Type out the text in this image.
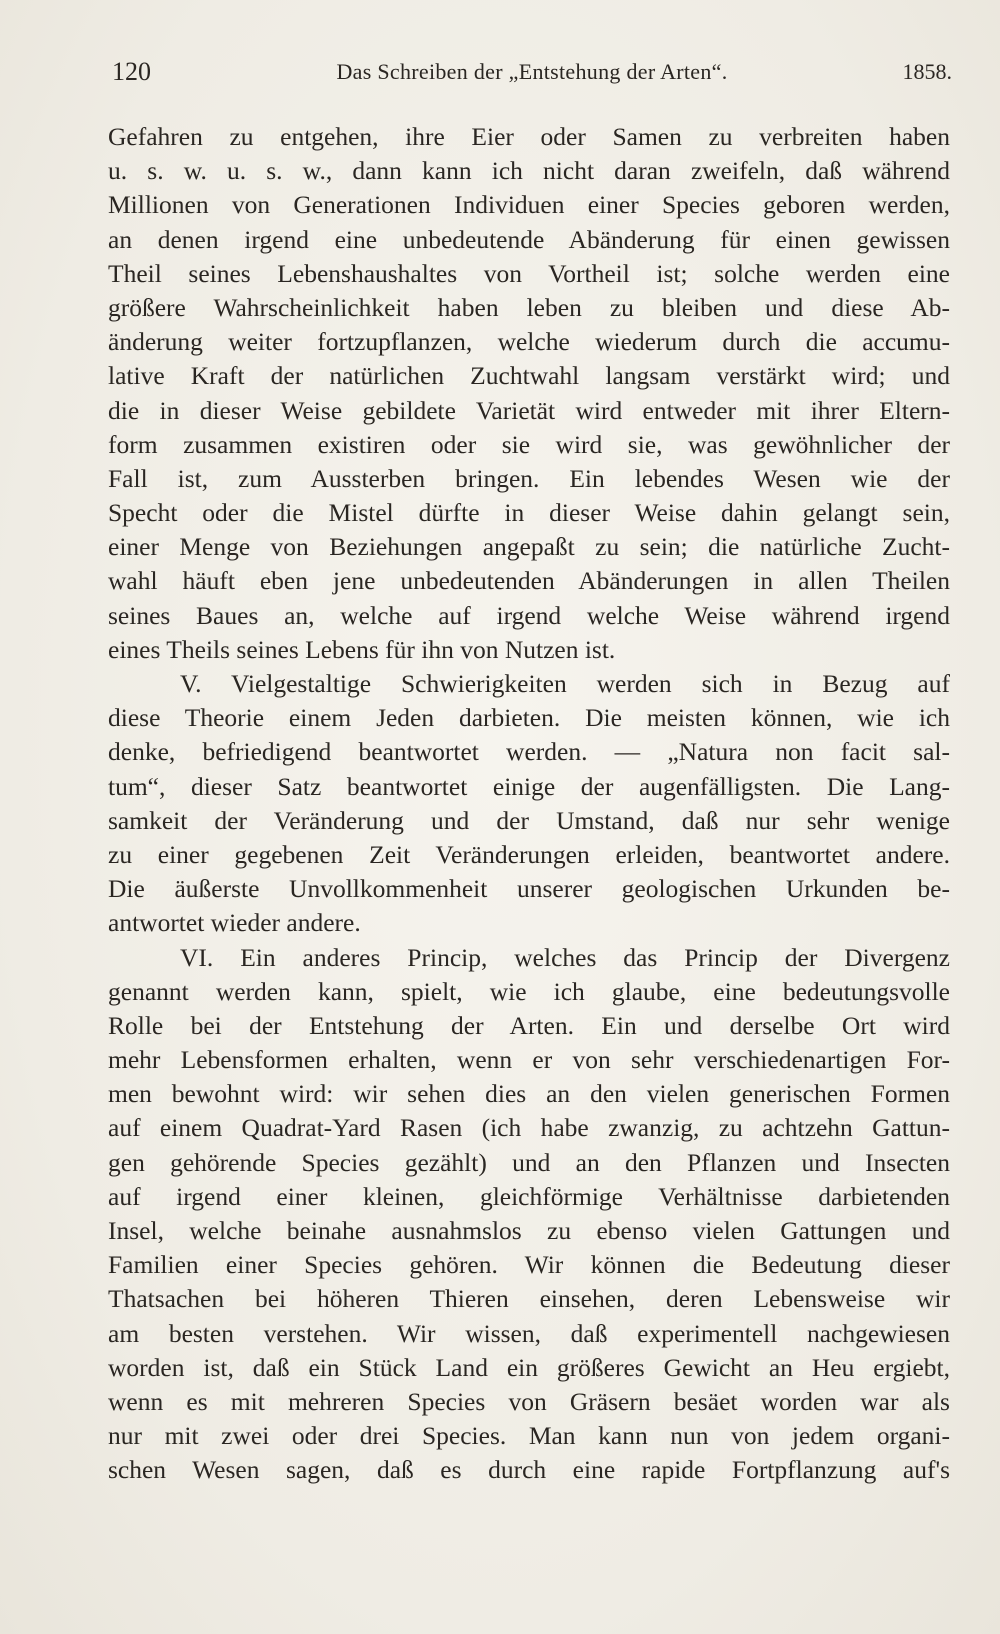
120	Das Schreiben der „Entstehung der Arten“.	1858.
Gefahren zu entgehen, ihre Eier oder Samen zu verbreiten haben
u. s. w. u. s. w., dann kann ich nicht daran zweifeln, daß während
Millionen von Generationen Individuen einer Species geboren werden,
an denen irgend eine unbedeutende Abänderung für einen gewissen
Theil seines Lebenshaushaltes von Vortheil ist; solche werden eine
größere Wahrscheinlichkeit haben leben zu bleiben und diese Ab-
änderung weiter fortzupflanzen, welche wiederum durch die accumu-
lative Kraft der natürlichen Zuchtwahl langsam verstärkt wird; und
die in dieser Weise gebildete Varietät wird entweder mit ihrer Eltern-
form zusammen existiren oder sie wird sie, was gewöhnlicher der
Fall ist, zum Aussterben bringen. Ein lebendes Wesen wie der
Specht oder die Mistel dürfte in dieser Weise dahin gelangt sein,
einer Menge von Beziehungen angepaßt zu sein; die natürliche Zucht-
wahl häuft eben jene unbedeutenden Abänderungen in allen Theilen
seines Baues an, welche auf irgend welche Weise während irgend
eines Theils seines Lebens für ihn von Nutzen ist.
V. Vielgestaltige Schwierigkeiten werden sich in Bezug auf
diese Theorie einem Jeden darbieten. Die meisten können, wie ich
denke, befriedigend beantwortet werden. — „Natura non facit sal-
tum“, dieser Satz beantwortet einige der augenfälligsten. Die Lang-
samkeit der Veränderung und der Umstand, daß nur sehr wenige
zu einer gegebenen Zeit Veränderungen erleiden, beantwortet andere.
Die äußerste Unvollkommenheit unserer geologischen Urkunden be-
antwortet wieder andere.
VI. Ein anderes Princip, welches das Princip der Divergenz
genannt werden kann, spielt, wie ich glaube, eine bedeutungsvolle
Rolle bei der Entstehung der Arten. Ein und derselbe Ort wird
mehr Lebensformen erhalten, wenn er von sehr verschiedenartigen For-
men bewohnt wird: wir sehen dies an den vielen generischen Formen
auf einem Quadrat-Yard Rasen (ich habe zwanzig, zu achtzehn Gattun-
gen gehörende Species gezählt) und an den Pflanzen und Insecten
auf irgend einer kleinen, gleichförmige Verhältnisse darbietenden
Insel, welche beinahe ausnahmslos zu ebenso vielen Gattungen und
Familien einer Species gehören. Wir können die Bedeutung dieser
Thatsachen bei höheren Thieren einsehen, deren Lebensweise wir
am besten verstehen. Wir wissen, daß experimentell nachgewiesen
worden ist, daß ein Stück Land ein größeres Gewicht an Heu ergiebt,
wenn es mit mehreren Species von Gräsern besäet worden war als
nur mit zwei oder drei Species. Man kann nun von jedem organi-
schen Wesen sagen, daß es durch eine rapide Fortpflanzung auf's
